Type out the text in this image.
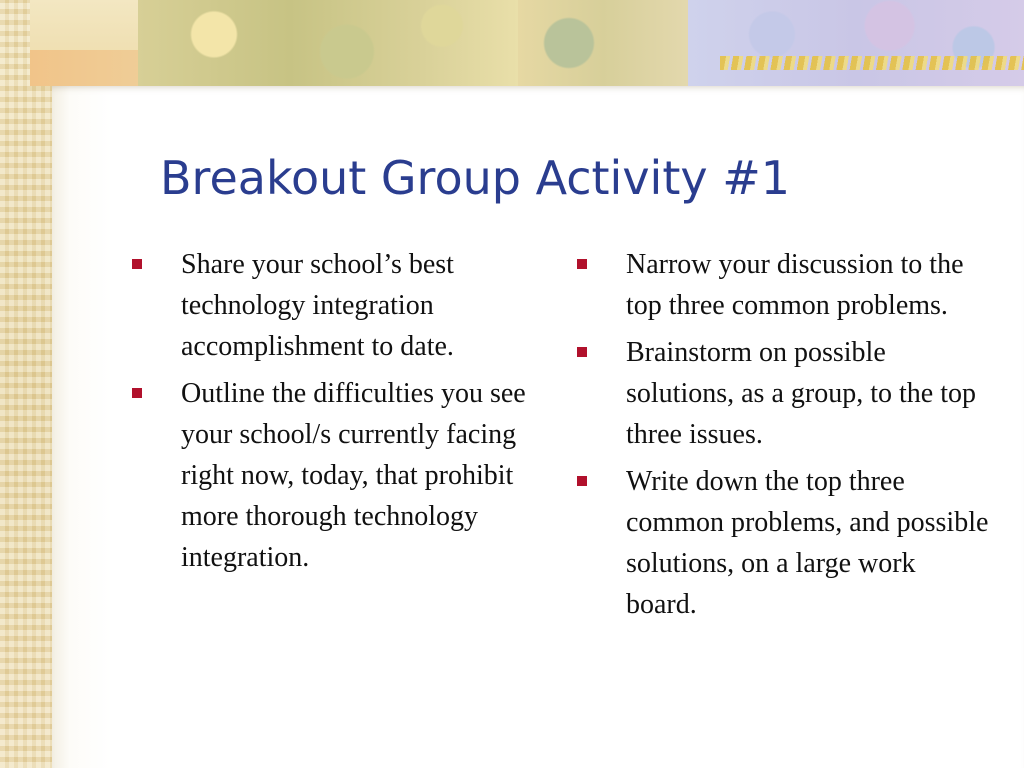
Breakout Group Activity #1
Share your school’s best technology integration accomplishment to date.
Outline the difficulties you see your school/s currently facing right now, today, that prohibit more thorough technology integration.
Narrow your discussion to the top three common problems.
Brainstorm on possible solutions, as a group, to the top three issues.
Write down the top three common problems, and possible solutions, on a large work board.
